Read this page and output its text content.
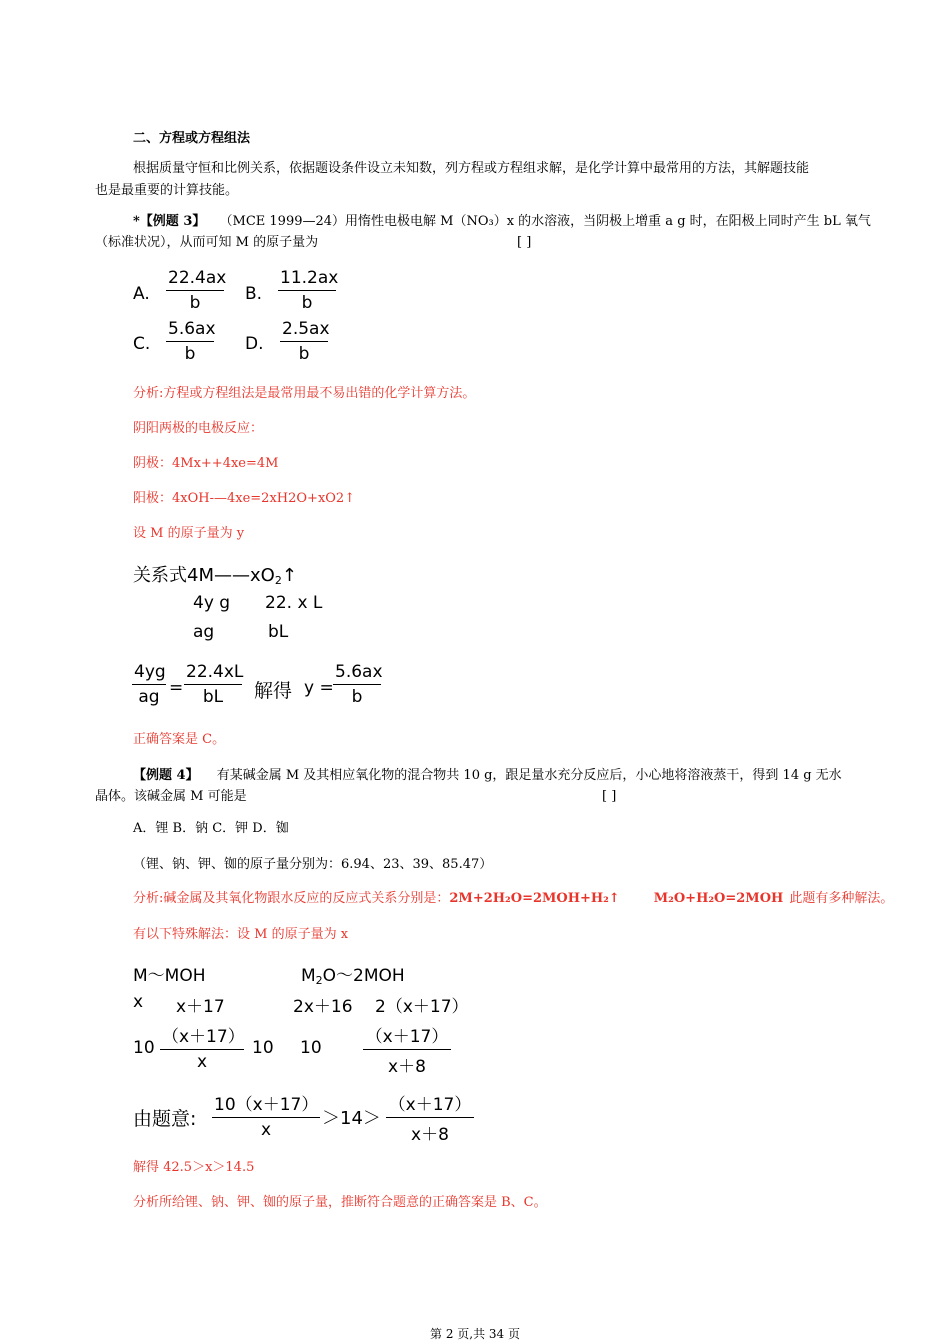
二、方程或方程组法
根据质量守恒和比例关系，依据题设条件设立未知数，列方程或方程组求解，是化学计算中最常用的方法，其解题技能
也是最重要的计算技能。
*【例题 3】 （MCE 1999—24）用惰性电极电解 M（NO₃）x 的水溶液，当阴极上增重 a g 时，在阳极上同时产生 bL 氧气
（标准状况），从而可知 M 的原子量为	[ ]
A. $\frac{22.4ax}{b} B$. $\frac{11.2ax}{b}$
C. $\frac{5.6ax}{b} D$. $\frac{2.5ax}{b}$
分析:方程或方程组法是最常用最不易出错的化学计算方法。
阴阳两极的电极反应：
阴极：4Mx++4xe=4M
阳极：4xOH-—4xe=2xH2O+xO2↑
设 M 的原子量为 y
关系式$4M——xO_2↑$
4y g 22. x L
ag	bL
$\frac{4yg}{ag} = \frac{22.4xL}{bL}$ 解得 $y = \frac{5.6ax}{b}$
正确答案是 C。
【例题 4】 有某碱金属 M 及其相应氧化物的混合物共 10 g，跟足量水充分反应后，小心地将溶液蒸干，得到 14 g 无水
晶体。该碱金属 M 可能是	[ ]
A．锂 B．钠 C．钾 D．铷
（锂、钠、钾、铷的原子量分别为：6.94、23、39、85.47）
分析:碱金属及其氧化物跟水反应的反应式关系分别是：2M+2H₂O=2MOH+H₂↑	M₂O+H₂O=2MOH 此题有多种解法。
有以下特殊解法：设 M 的原子量为 x
M～MOH	$M_2O\sim 2MOH$
x x＋17	2x＋16 2（x＋17）
$10 \frac{(x+17)}{x} 10$ $10 \frac{(x+17)}{x+8}$
由题意: $\frac{10(x+17)}{x} >14> \frac{(x+17)}{x+8}$
解得 42.5＞x＞14.5
分析所给锂、钠、钾、铷的原子量，推断符合题意的正确答案是 B、C。
第 2 页,共 34 页
